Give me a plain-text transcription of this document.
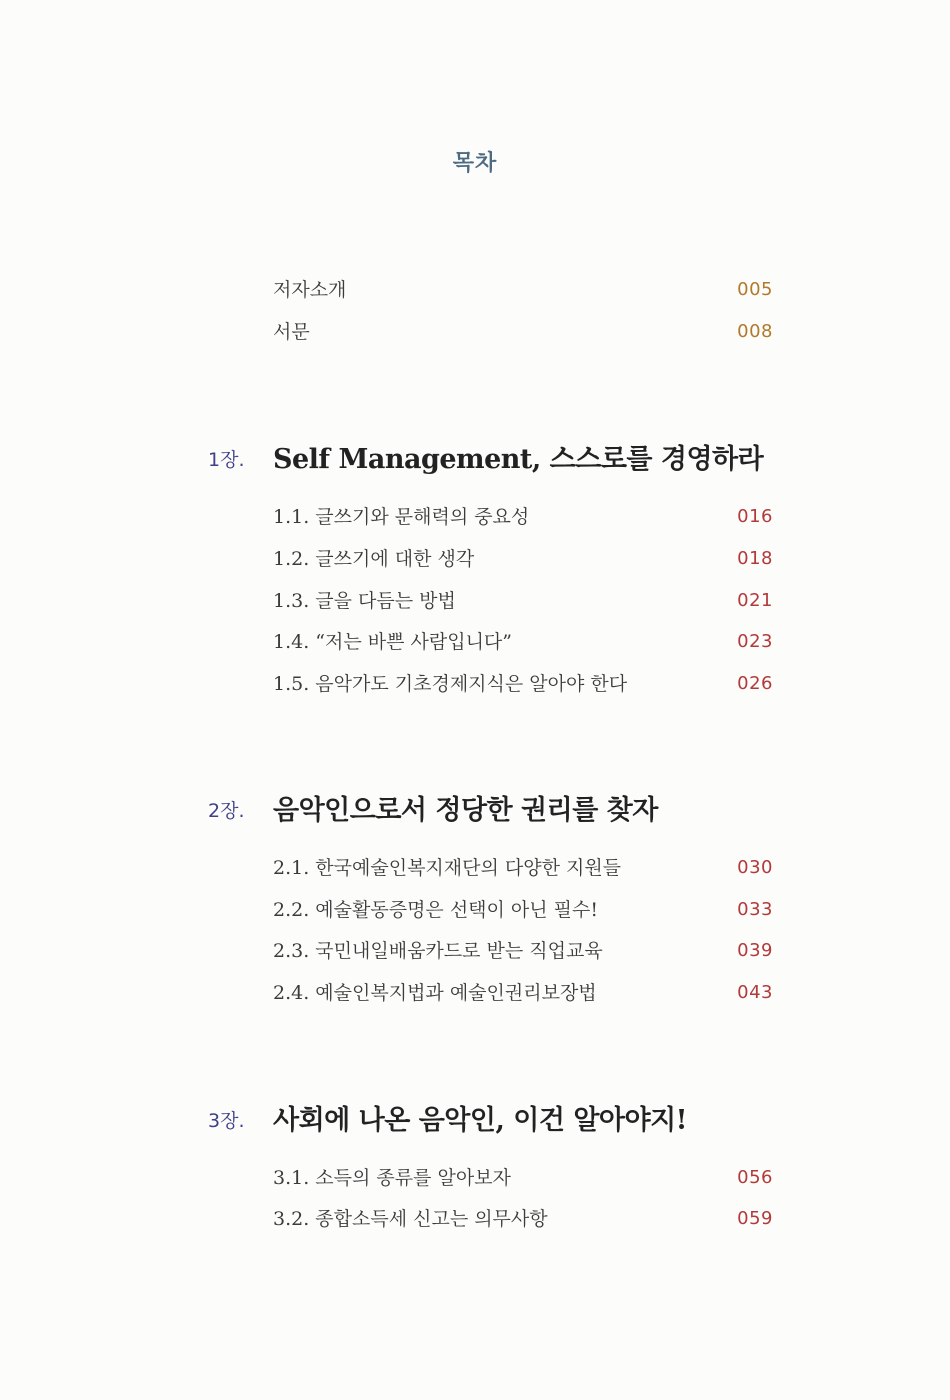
목차
저자소개	005
서문	008
1장. Self Management, 스스로를 경영하라
1.1. 글쓰기와 문해력의 중요성	016
1.2. 글쓰기에 대한 생각	018
1.3. 글을 다듬는 방법	021
1.4. “저는 바쁜 사람입니다”	023
1.5. 음악가도 기초경제지식은 알아야 한다	026
2장. 음악인으로서 정당한 권리를 찾자
2.1. 한국예술인복지재단의 다양한 지원들	030
2.2. 예술활동증명은 선택이 아닌 필수!	033
2.3. 국민내일배움카드로 받는 직업교육	039
2.4. 예술인복지법과 예술인권리보장법	043
3장. 사회에 나온 음악인, 이건 알아야지!
3.1. 소득의 종류를 알아보자	056
3.2. 종합소득세 신고는 의무사항	059
